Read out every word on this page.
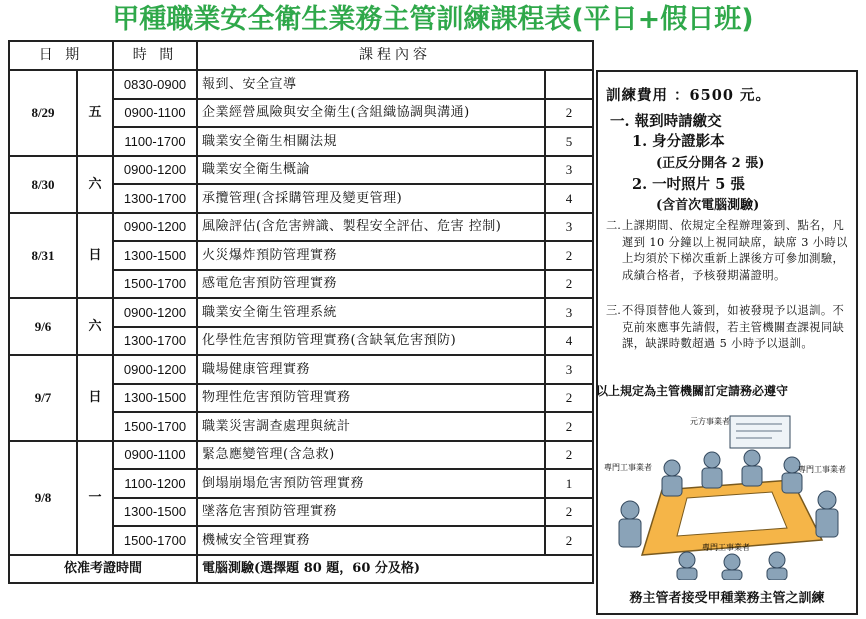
甲種職業安全衛生業務主管訓練課程表(平日+假日班)
日 期		時 間	課程內容	
8/29	五	0830-0900	報到、安全宣導	
		0900-1100	企業經營風險與安全衛生(含組織協調與溝通)	2
		1100-1700	職業安全衛生相關法規	5
8/30	六	0900-1200	職業安全衛生概論	3
		1300-1700	承攬管理(含採購管理及變更管理)	4
8/31	日	0900-1200	風險評估(含危害辨識、製程安全評估、危害 控制)	3
		1300-1500	火災爆炸預防管理實務	2
		1500-1700	感電危害預防管理實務	2
9/6	六	0900-1200	職業安全衛生管理系統	3
		1300-1700	化學性危害預防管理實務(含缺氧危害預防)	4
9/7	日	0900-1200	職場健康管理實務	3
		1300-1500	物理性危害預防管理實務	2
		1500-1700	職業災害調查處理與統計	2
9/8	一	0900-1100	緊急應變管理(含急救)	2
		1100-1200	倒塌崩塌危害預防管理實務	1
		1300-1500	墜落危害預防管理實務	2
		1500-1700	機械安全管理實務	2
依准考證時間			電腦測驗(選擇題 80 題，60 分及格)	
訓練費用 ：6500 元。
一. 報到時請繳交
1. 身分證影本
(正反分開各 2 張)
2. 一吋照片 5 張
(含首次電腦測驗)
二. 上課期間、依規定全程辦理簽到、點名，凡遲到 10 分鐘以上視同缺席，缺席 3 小時以上均須於下梯次重新上課後方可參加測驗，成績合格者，予核發期滿證明。
三. 不得頂替他人簽到，如被發現予以退訓。不克前來應事先請假，若主管機關查課視同缺課，缺課時數超過 5 小時予以退訓。
以上規定為主管機關訂定請務必遵守
專門工事業者
元方事業者
專門工事業者
專門工事業者
務主管者接受甲種業務主管之訓練
